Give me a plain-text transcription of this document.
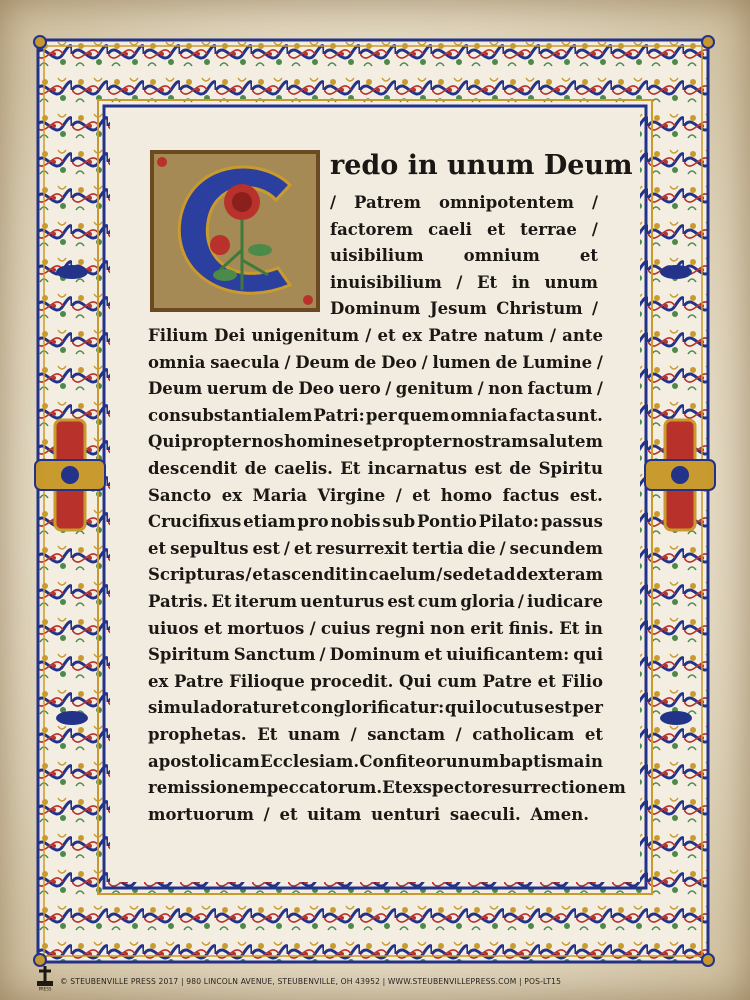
redo in unum Deum
/ Patrem omnipotentem /
factorem caeli et terrae /
uisibilium omnium et
inuisibilium / Et in unum
Dominum Jesum Christum /
Filium Dei unigenitum / et ex Patre natum / ante
omnia saecula / Deum de Deo / lumen de Lumine /
Deum uerum de Deo uero / genitum / non factum /
consubstantialem Patri: per quem omnia facta sunt.
Qui propter nos homines et propter nostram salutem
descendit de caelis. Et incarnatus est de Spiritu
Sancto ex Maria Virgine / et homo factus est.
Crucifixus etiam pro nobis sub Pontio Pilato: passus
et sepultus est / et resurrexit tertia die / secundem
Scripturas / et ascendit in caelum / sedet ad dexteram
Patris. Et iterum uenturus est cum gloria / iudicare
uiuos et mortuos / cuius regni non erit finis. Et in
Spiritum Sanctum / Dominum et uiuificantem: qui
ex Patre Filioque procedit. Qui cum Patre et Filio
simul adoratur et conglorificatur: qui locutus est per
prophetas. Et unam / sanctam / catholicam et
apostolicam Ecclesiam. Confiteor unum baptisma in
remissionem peccatorum. Et exspecto resurrectionem
mortuorum / et uitam uenturi saeculi. Amen.
PRESS
© STEUBENVILLE PRESS 2017 | 980 LINCOLN AVENUE, STEUBENVILLE, OH 43952 | WWW.STEUBENVILLEPRESS.COM | POS-LT15
